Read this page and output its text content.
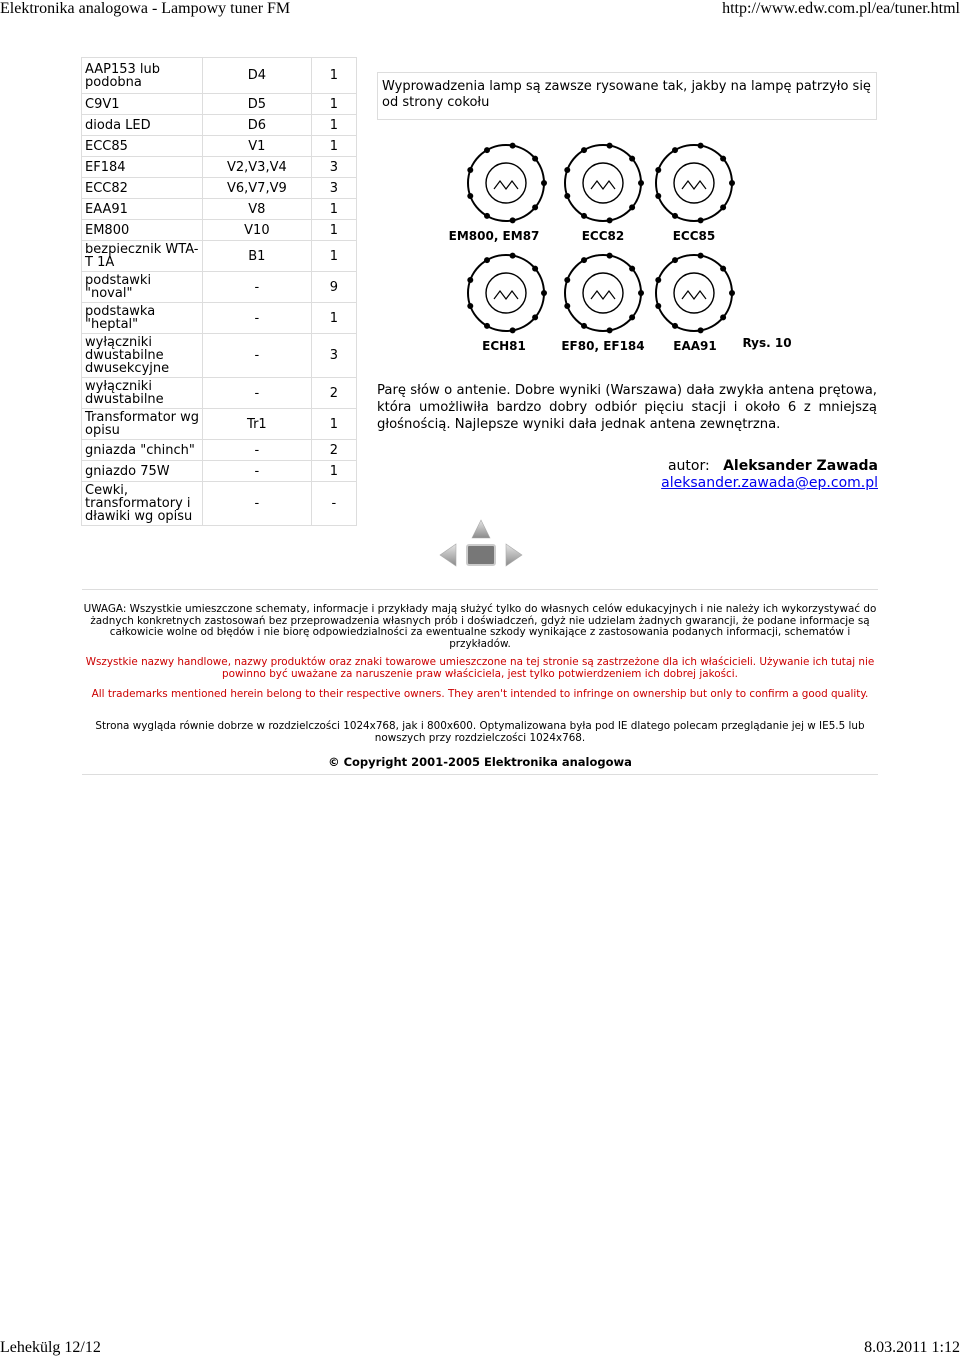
Elektronika analogowa - Lampowy tuner FM	http://www.edw.com.pl/ea/tuner.html
AAP153 lub podobna	D4	1
C9V1	D5	1
dioda LED	D6	1
ECC85	V1	1
EF184	V2,V3,V4	3
ECC82	V6,V7,V9	3
EAA91	V8	1
EM800	V10	1
bezpiecznik WTA-T 1A	B1	1
podstawki "noval"	-	9
podstawka "heptal"	-	1
wyłączniki dwustabilne dwusekcyjne	-	3
wyłączniki dwustabilne	-	2
Transformator wg opisu	Tr1	1
gniazda "chinch"	-	2
gniazdo 75W	-	1
Cewki, transformatory i dławiki wg opisu	-	-
Wyprowadzenia lamp są zawsze rysowane tak, jakby na lampę patrzyło się od strony cokołu
EM800, EM87	ECC82	ECC85
ECH81	EF80, EF184 EAA91 Rys. 10
Parę słów o antenie. Dobre wyniki (Warszawa) dała zwykła antena prętowa, która umożliwiła bardzo dobry odbiór pięciu stacji i około 6 z mniejszą głośnością. Najlepsze wyniki dała jednak antena zewnętrzna.
autor: Aleksander Zawada
aleksander.zawada@ep.com.pl
UWAGA: Wszystkie umieszczone schematy, informacje i przykłady mają służyć tylko do własnych celów edukacyjnych i nie należy ich wykorzystywać do żadnych konkretnych zastosowań bez przeprowadzenia własnych prób i doświadczeń, gdyż nie udzielam żadnych gwarancji, że podane informacje są całkowicie wolne od błędów i nie biorę odpowiedzialności za ewentualne szkody wynikające z zastosowania podanych informacji, schematów i przykładów.
Wszystkie nazwy handlowe, nazwy produktów oraz znaki towarowe umieszczone na tej stronie są zastrzeżone dla ich właścicieli. Używanie ich tutaj nie powinno być uważane za naruszenie praw właściciela, jest tylko potwierdzeniem ich dobrej jakości.
All trademarks mentioned herein belong to their respective owners. They aren't intended to infringe on ownership but only to confirm a good quality.
Strona wygląda równie dobrze w rozdzielczości 1024x768, jak i 800x600. Optymalizowana była pod IE dlatego polecam przeglądanie jej w IE5.5 lub nowszych przy rozdzielczości 1024x768.
© Copyright 2001-2005 Elektronika analogowa
Lehekülg 12/12	8.03.2011 1:12
